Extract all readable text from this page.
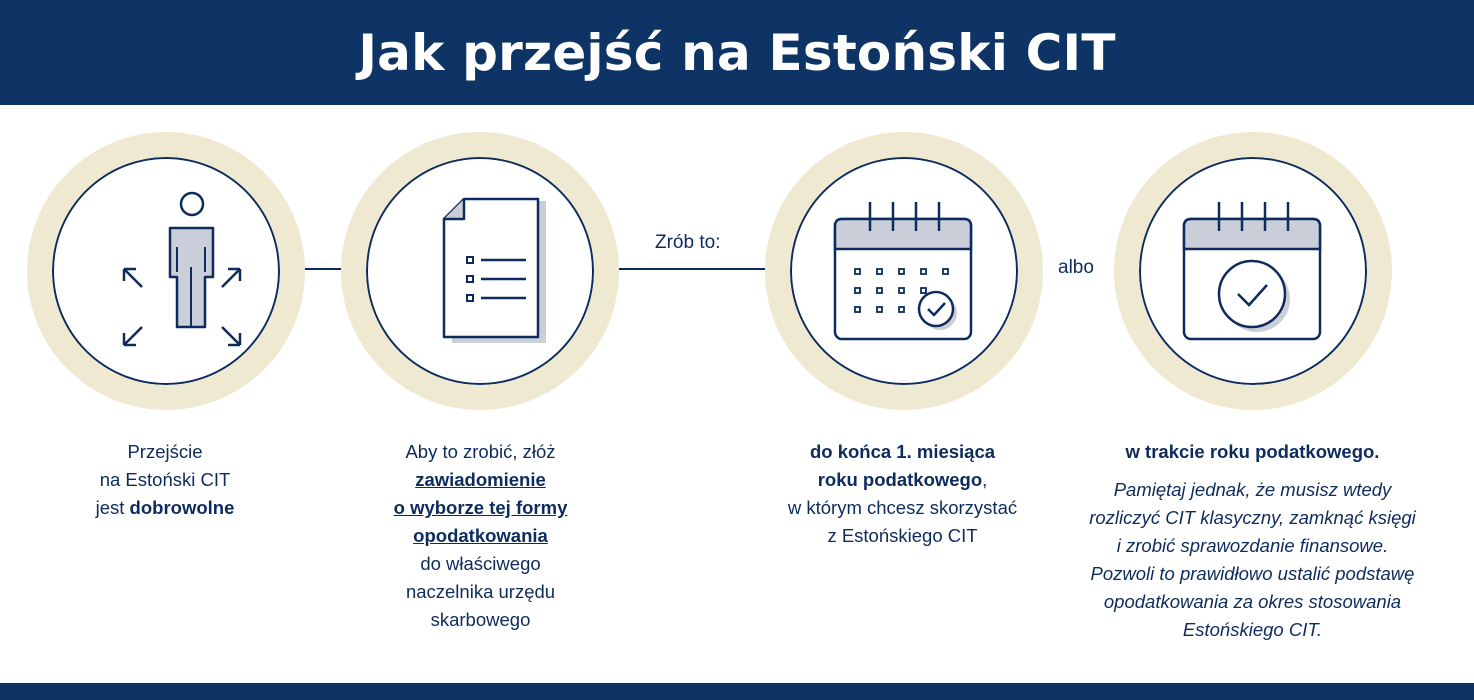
Jak przejść na Estoński CIT
Zrób to:
albo
Przejście
na Estoński CIT
jest dobrowolne
Aby to zrobić, złóż
zawiadomienie
o wyborze tej formy
opodatkowania
do właściwego
naczelnika urzędu
skarbowego
do końca 1. miesiąca
roku podatkowego,
w którym chcesz skorzystać
z Estońskiego CIT
w trakcie roku podatkowego.
Pamiętaj jednak, że musisz wtedy
rozliczyć CIT klasyczny, zamknąć księgi
i zrobić sprawozdanie finansowe.
Pozwoli to prawidłowo ustalić podstawę
opodatkowania za okres stosowania
Estońskiego CIT.
